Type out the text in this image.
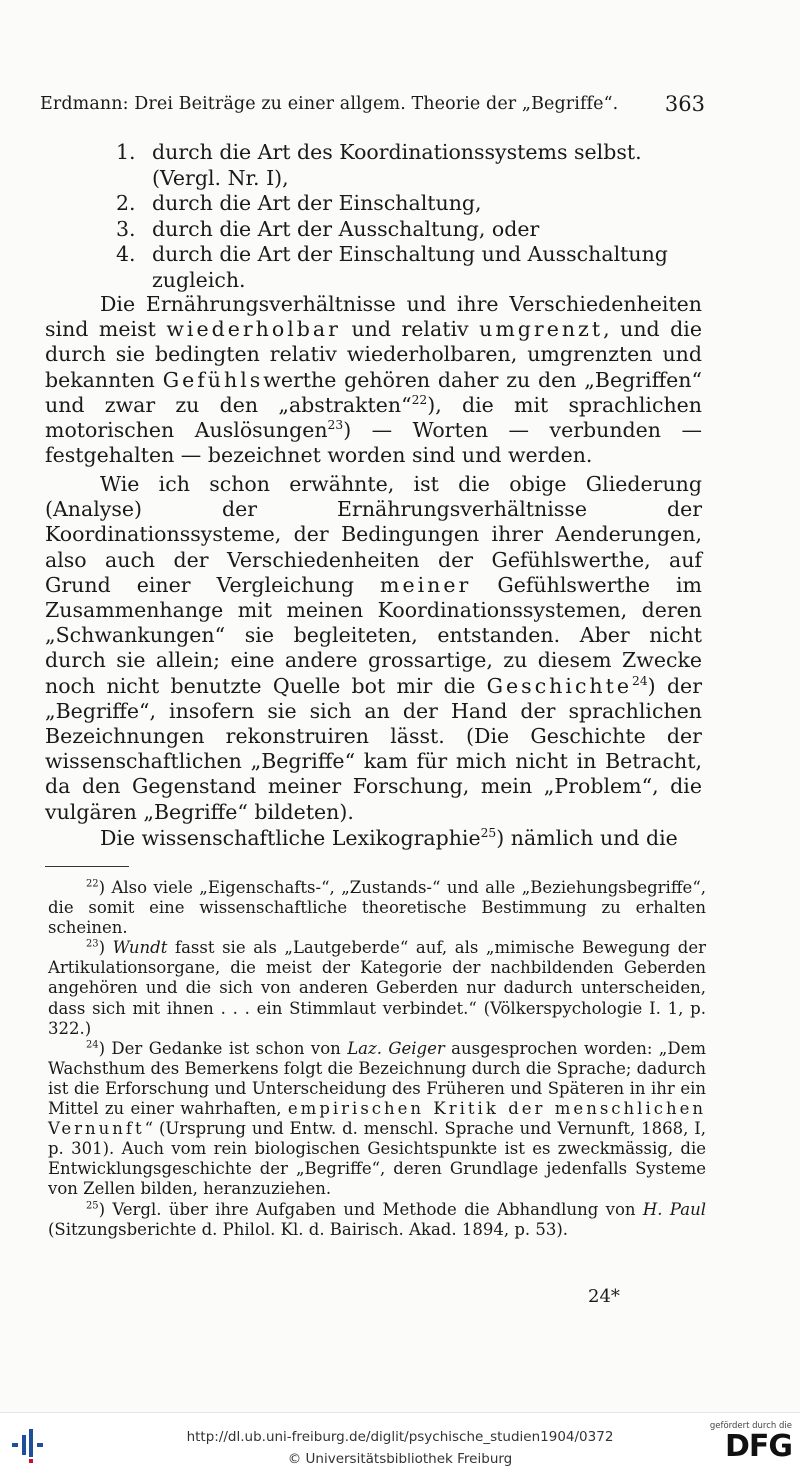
Erdmann: Drei Beiträge zu einer allgem. Theorie der „Begriffe“. 363
1. durch die Art des Koordinationssystems selbst. (Vergl. Nr. I),
2. durch die Art der Einschaltung,
3. durch die Art der Ausschaltung, oder
4. durch die Art der Einschaltung und Ausschaltung zugleich.

Die Ernährungsverhältnisse und ihre Verschiedenheiten sind meist wiederholbar und relativ umgrenzt, und die durch sie bedingten relativ wiederholbaren, umgrenzten und bekannten Gefühlswerthe gehören daher zu den „Begriffen“ und zwar zu den „abstrakten“$^{22}$), die mit sprachlichen motorischen Auslösungen$^{23}$) — Worten — verbunden — festgehalten — bezeichnet worden sind und werden.

Wie ich schon erwähnte, ist die obige Gliederung (Analyse) der Ernährungsverhältnisse der Koordinationssysteme, der Bedingungen ihrer Aenderungen, also auch der Verschiedenheiten der Gefühlswerthe, auf Grund einer Vergleichung meiner Gefühlswerthe im Zusammenhange mit meinen Koordinationssystemen, deren „Schwankungen“ sie begleiteten, entstanden. Aber nicht durch sie allein; eine andere grossartige, zu diesem Zwecke noch nicht benutzte Quelle bot mir die Geschichte$^{24}$) der „Begriffe“, insofern sie sich an der Hand der sprachlichen Bezeichnungen rekonstruiren lässt. (Die Geschichte der wissenschaftlichen „Begriffe“ kam für mich nicht in Betracht, da den Gegenstand meiner Forschung, mein „Problem“, die vulgären „Begriffe“ bildeten).

Die wissenschaftliche Lexikographie$^{25}$) nämlich und die

$^{22}$) Also viele „Eigenschafts-“, „Zustands-“ und alle „Beziehungsbegriffe“, die somit eine wissenschaftliche theoretische Bestimmung zu erhalten scheinen.

$^{23}$) Wundt fasst sie als „Lautgeberde“ auf, als „mimische Bewegung der Artikulationsorgane, die meist der Kategorie der nachbildenden Geberden angehören und die sich von anderen Geberden nur dadurch unterscheiden, dass sich mit ihnen . . . ein Stimmlaut verbindet.“ (Völkerspychologie I. 1, p. 322.)

$^{24}$) Der Gedanke ist schon von Laz. Geiger ausgesprochen worden: „Dem Wachsthum des Bemerkens folgt die Bezeichnung durch die Sprache; dadurch ist die Erforschung und Unterscheidung des Früheren und Späteren in ihr ein Mittel zu einer wahrhaften, empirischen Kritik der menschlichen Vernunft“ (Ursprung und Entw. d. menschl. Sprache und Vernunft, 1868, I, p. 301). Auch vom rein biologischen Gesichtspunkte ist es zweckmässig, die Entwicklungsgeschichte der „Begriffe“, deren Grundlage jedenfalls Systeme von Zellen bilden, heranzuziehen.

$^{25}$) Vergl. über ihre Aufgaben und Methode die Abhandlung von H. Paul (Sitzungsberichte d. Philol. Kl. d. Bairisch. Akad. 1894, p. 53).

24*
http://dl.ub.uni-freiburg.de/diglit/psychische_studien1904/0372
© Universitätsbibliothek Freiburg
gefördert durch die
DFG
